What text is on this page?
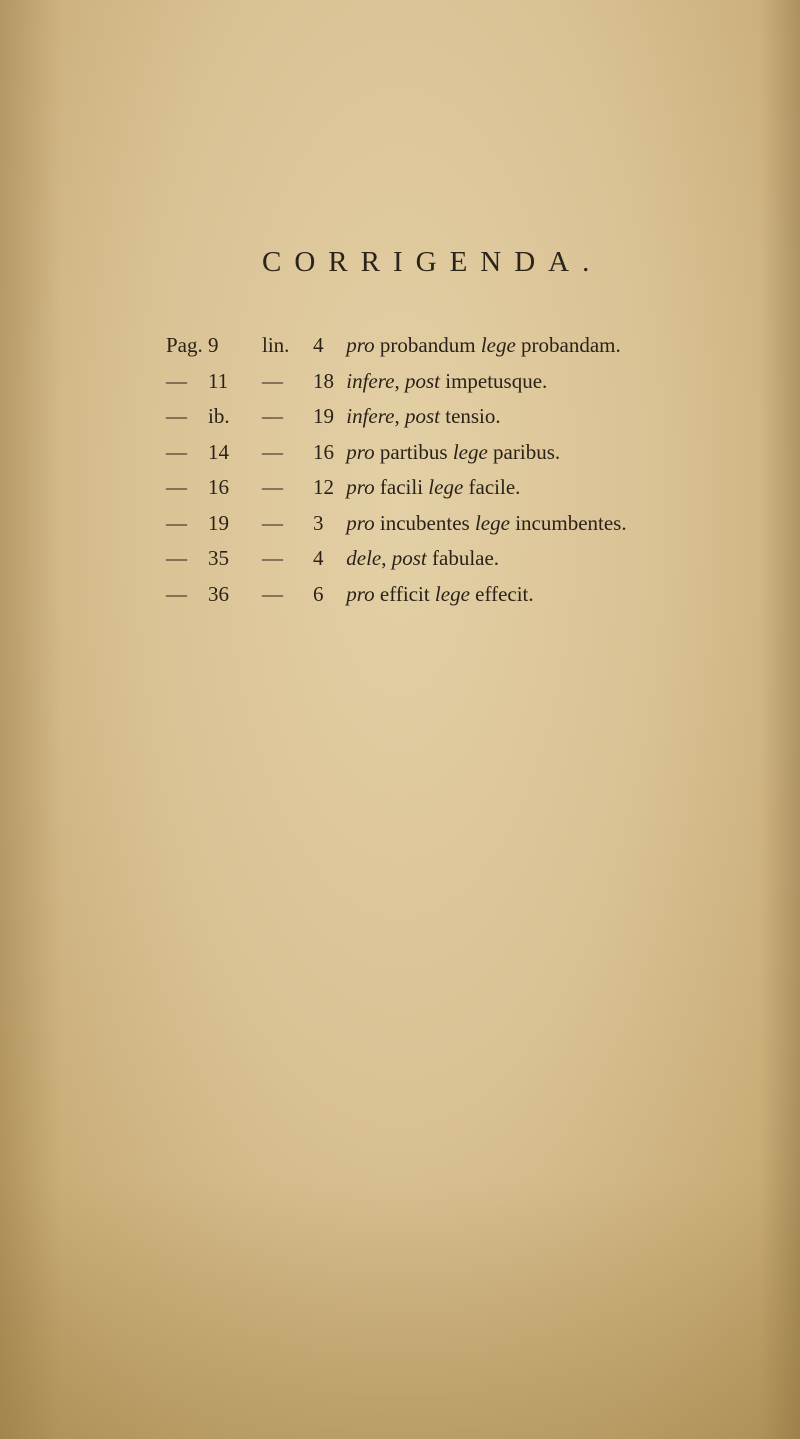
CORRIGENDA.
Pag. 9	lin.	4 pro probandum lege probandam.
— 11	—	18 infere, post impetusque.
— ib.	—	19 infere, post tensio.
— 14	—	16 pro partibus lege paribus.
— 16	—	12 pro facili lege facile.
— 19	—	3 pro incubentes lege incumbentes.
— 35	—	4 dele, post fabulae.
— 36	—	6 pro efficit lege effecit.
